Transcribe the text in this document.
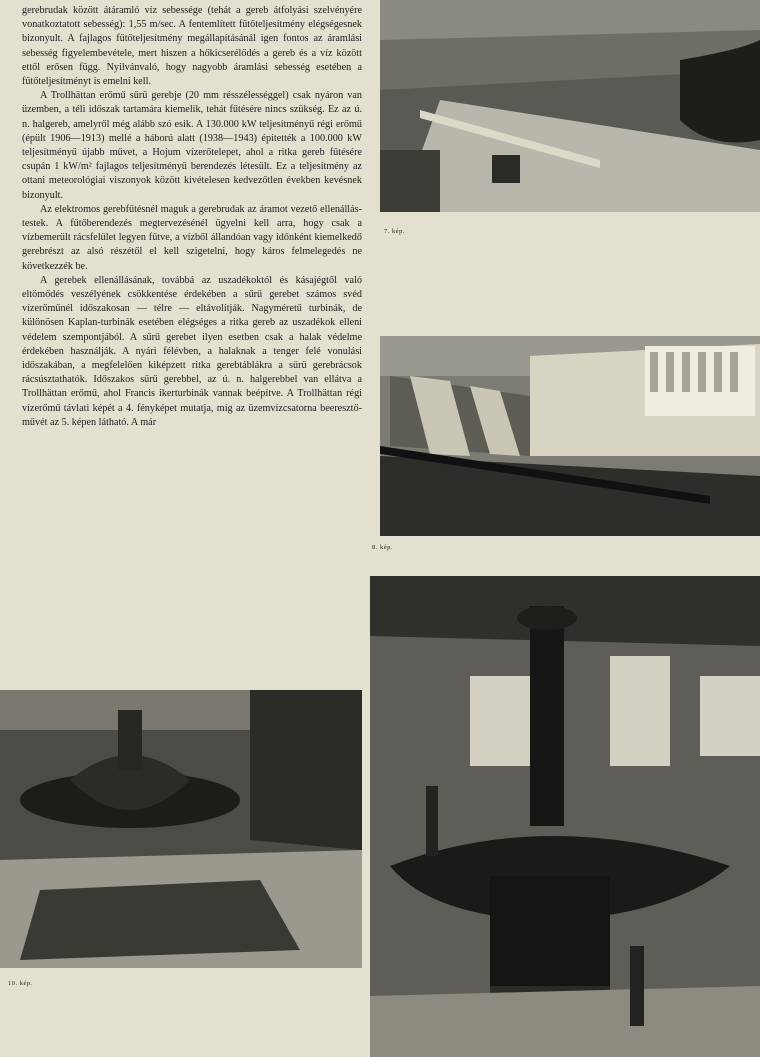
gerebrudak között átáramló víz sebessége (tehát a gereb átfolyási szelvényére vonatkoztatott sebesség): 1,55 m/sec. A fentemlített fűtőteljesítmény elégségesnek bizonyult. A fajlagos fűtőteljesítmény megállapításánál igen fontos az áramlási sebesség figyelembevétele, mert hiszen a hőkicserélődés a gereb és a víz között ettől erősen függ. Nyilvánvaló, hogy nagyobb áramlási sebesség esetében a fűtőteljesítményt is emelni kell.

A Trollhättan erőmű sűrű gerebje (20 mm résszélességgel) csak nyáron van üzemben, a téli időszak tartamára kiemelik, tehát fűtésére nincs szükség. Ez az ú. n. halgereb, amelyről még alább szó esik. A 130.000 kW teljesítményű régi erőmű (épült 1906—1913) mellé a háború alatt (1938—1943) építették a 100.000 kW teljesítményű újabb művet, a Hojum vízerőtelepet, ahol a ritka gereb fűtésére csupán 1 kW/m² fajlagos teljesítményű berendezés létesült. Ez a teljesítmény az ottani meteorológiai viszonyok között kivételesen kedvezőtlen években kevésnek bizonyult.

Az elektromos gerebfűtésnél maguk a gerebrudak az áramot vezető ellenállás-testek. A fűtőberendezés megtervezésénél ügyelni kell arra, hogy csak a vízbemerült rácsfelület legyen fűtve, a vízből állandóan vagy időnként kiemelkedő gerebrészt az alsó részétől el kell szigetelni, hogy káros felmelegedés ne következzék be.

A gerebek ellenállásának, továbbá az uszadékoktól és kásajégtől való eltömődés veszélyének csökkentése érdekében a sűrű gerebet számos svéd vízerőműnél időszakosan — télre — eltávolítják. Nagyméretű turbinák, de különösen Kaplan-turbinák esetében elégséges a ritka gereb az uszadékok elleni védelem szempontjából. A sűrű gerebet ilyen esetben csak a halak védelme érdekében használják. A nyári félévben, a halaknak a tenger felé vonulási időszakában, a megfelelően kiképzett ritka gerebtáblákra a sűrű gerebrácsok rácsúsztathatók. Időszakos sűrű gerebbel, az ú. n. halgerebbel van ellátva a Trollhättan erőmű, ahol Francis ikerturbinák vannak beépítve. A Trollhättan régi vízerőmű távlati képét a 4. fényképet mutatja, míg az üzemvízcsatorna beeresztő-művét az 5. képen látható. A már

7. kép.
8. kép.
10. kép.
